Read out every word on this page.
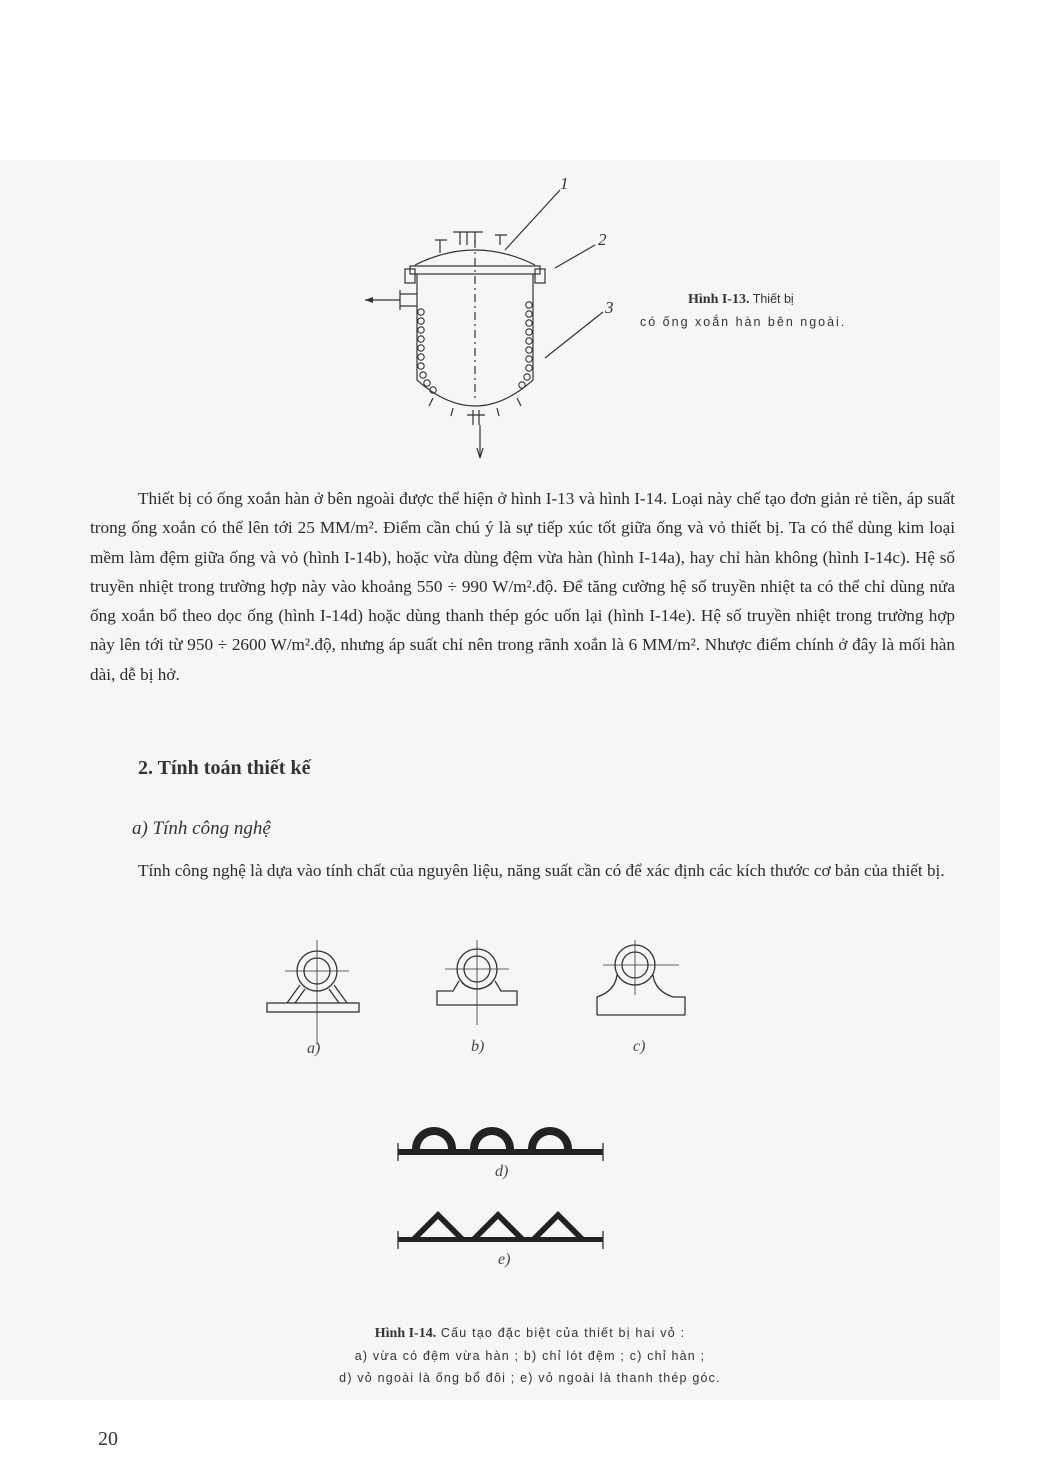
1
2
3	Hình I-13. Thiết bị
có ống xoắn hàn bên ngoài.

Thiết bị có ống xoắn hàn ở bên ngoài được thể hiện ở hình I-13 và hình I-14. Loại này chế tạo đơn giản rẻ tiền, áp suất trong ống xoắn có thể lên tới 25 MM/m². Điểm cần chú ý là sự tiếp xúc tốt giữa ống và vỏ thiết bị. Ta có thể dùng kim loại mềm làm đệm giữa ống và vỏ (hình I-14b), hoặc vừa dùng đệm vừa hàn (hình I-14a), hay chỉ hàn không (hình I-14c). Hệ số truyền nhiệt trong trường hợp này vào khoảng 550 ÷ 990 W/m².độ. Để tăng cường hệ số truyền nhiệt ta có thể chỉ dùng nửa ống xoắn bổ theo dọc ống (hình I-14d) hoặc dùng thanh thép góc uốn lại (hình I-14e). Hệ số truyền nhiệt trong trường hợp này lên tới từ 950 ÷ 2600 W/m².độ, nhưng áp suất chỉ nên trong rãnh xoắn là 6 MM/m². Nhược điểm chính ở đây là mối hàn dài, dễ bị hở.

2. Tính toán thiết kế
a) Tính công nghệ

Tính công nghệ là dựa vào tính chất của nguyên liệu, năng suất cần có để xác định các kích thước cơ bản của thiết bị.

a)	b)	c)
d)
e)
Hình I-14. Cấu tạo đặc biệt của thiết bị hai vỏ :
a) vừa có đệm vừa hàn ; b) chỉ lót đệm ; c) chỉ hàn ;
d) vỏ ngoài là ống bổ đôi ; e) vỏ ngoài là thanh thép góc.
20
